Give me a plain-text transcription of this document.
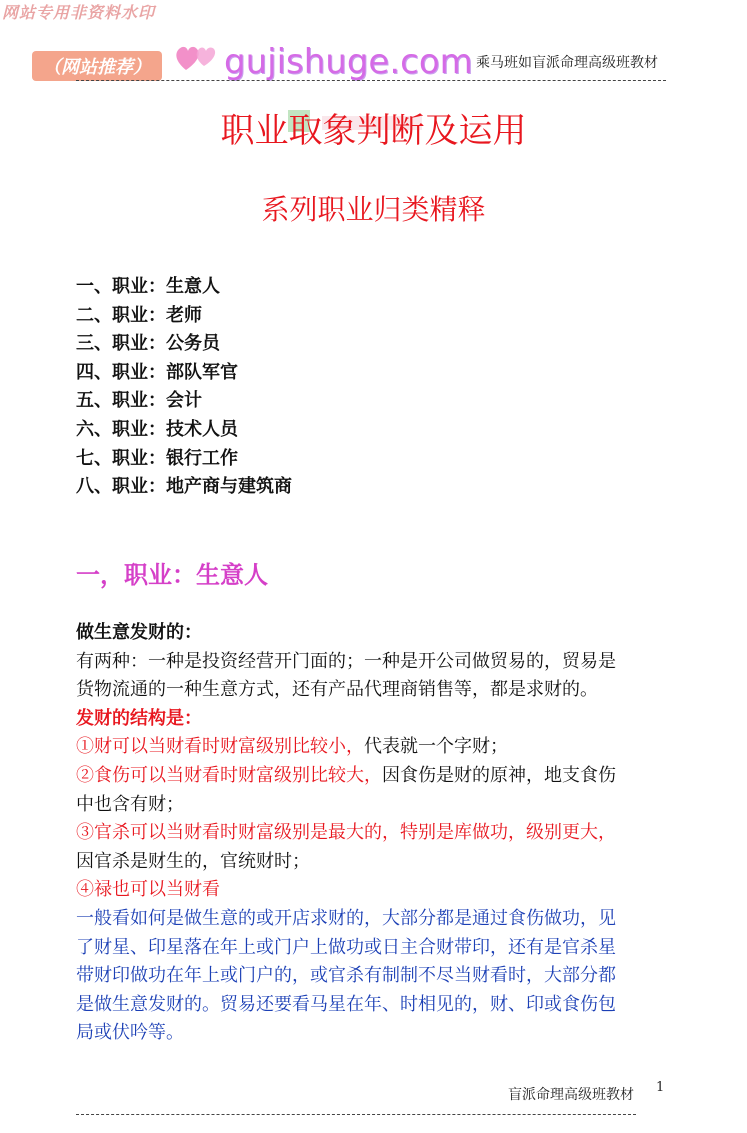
网站专用非资料水印
（网站推荐）	gujishuge.com 乘马班如盲派命理高级班教材
职业取象判断及运用
系列职业归类精释
一、职业：生意人
二、职业：老师
三、职业：公务员
四、职业：部队军官
五、职业：会计
六、职业：技术人员
七、职业：银行工作
八、职业：地产商与建筑商
一，职业：生意人
做生意发财的：
有两种：一种是投资经营开门面的；一种是开公司做贸易的，贸易是
货物流通的一种生意方式，还有产品代理商销售等，都是求财的。
发财的结构是：
①财可以当财看时财富级别比较小，代表就一个字财；
②食伤可以当财看时财富级别比较大，因食伤是财的原神，地支食伤
中也含有财；
③官杀可以当财看时财富级别是最大的，特别是库做功，级别更大，
因官杀是财生的，官统财时；
④禄也可以当财看
一般看如何是做生意的或开店求财的，大部分都是通过食伤做功，见
了财星、印星落在年上或门户上做功或日主合财带印，还有是官杀星
带财印做功在年上或门户的，或官杀有制制不尽当财看时，大部分都
是做生意发财的。贸易还要看马星在年、时相见的，财、印或食伤包
局或伏吟等。
盲派命理高级班教材 1
